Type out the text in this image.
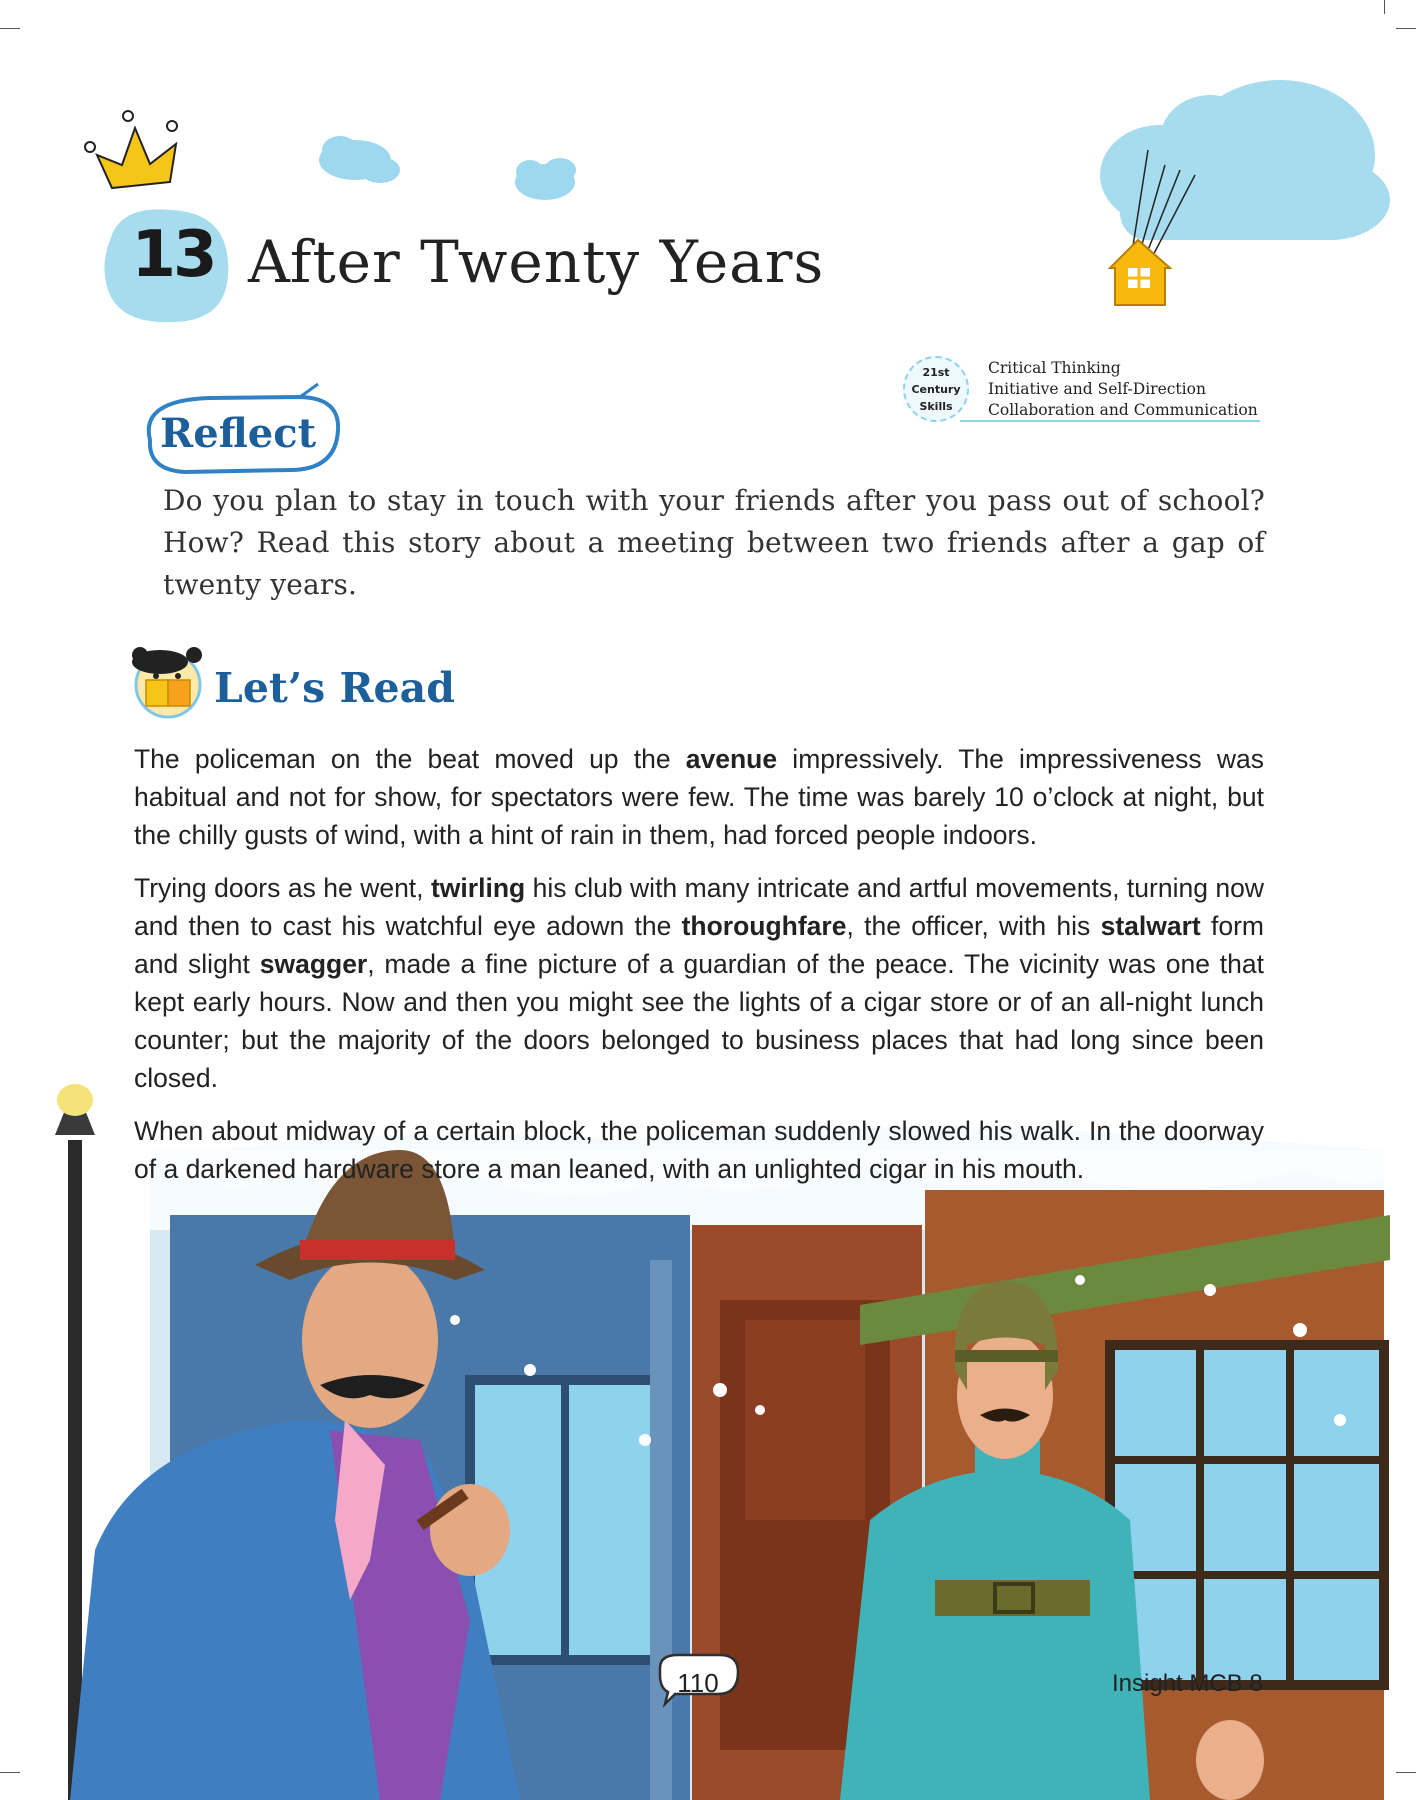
13 After Twenty Years
21st
Century
Skills
Critical Thinking
Initiative and Self-Direction
Collaboration and Communication
Reflect

Do you plan to stay in touch with your friends after you pass out of school? How? Read this story about a meeting between two friends after a gap of twenty years.

Let’s Read

The policeman on the beat moved up the avenue impressively. The impressiveness was habitual and not for show, for spectators were few. The time was barely 10 o’clock at night, but the chilly gusts of wind, with a hint of rain in them, had forced people indoors.

Trying doors as he went, twirling his club with many intricate and artful movements, turning now and then to cast his watchful eye adown the thoroughfare, the officer, with his stalwart form and slight swagger, made a fine picture of a guardian of the peace. The vicinity was one that kept early hours. Now and then you might see the lights of a cigar store or of an all-night lunch counter; but the majority of the doors belonged to business places that had long since been closed.

When about midway of a certain block, the policeman suddenly slowed his walk. In the doorway of a darkened hardware store a man leaned, with an unlighted cigar in his mouth.

110	Insight MCB 8
